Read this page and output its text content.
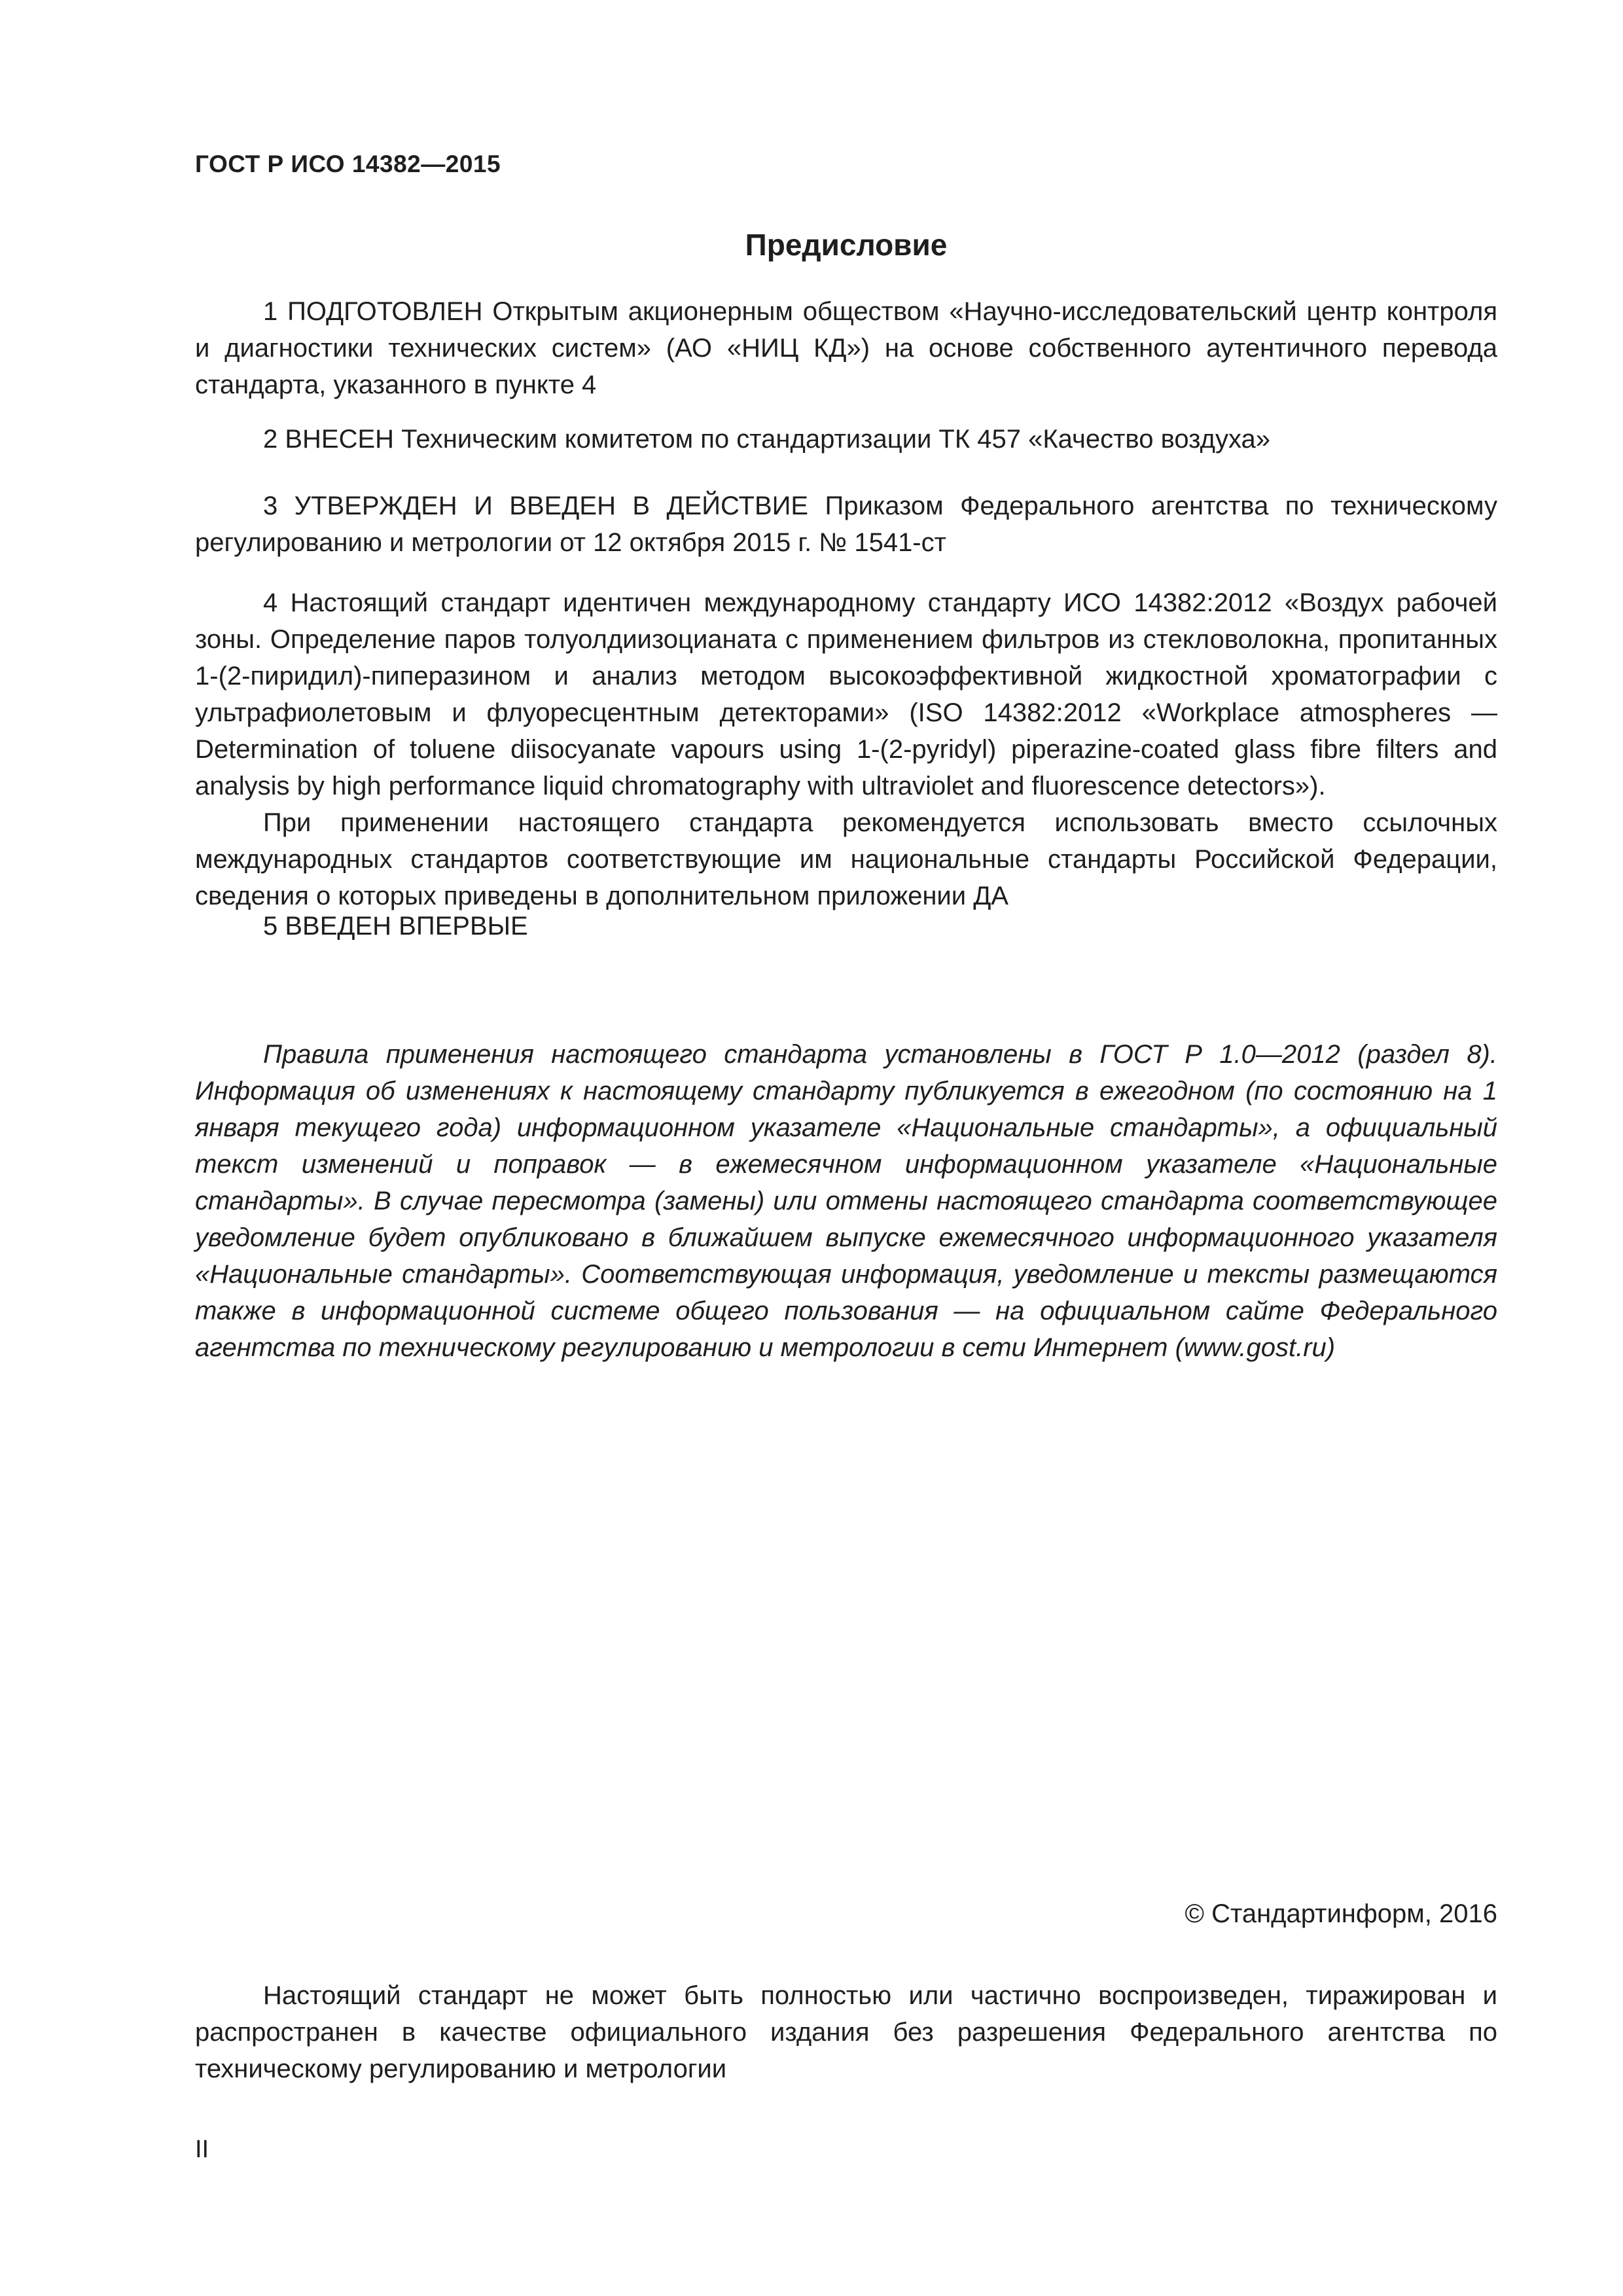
ГОСТ Р ИСО 14382—2015
Предисловие

1 ПОДГОТОВЛЕН Открытым акционерным обществом «Научно-исследовательский центр контроля и диагностики технических систем» (АО «НИЦ КД») на основе собственного аутентичного перевода стандарта, указанного в пункте 4

2 ВНЕСЕН Техническим комитетом по стандартизации ТК 457 «Качество воздуха»

3 УТВЕРЖДЕН И ВВЕДЕН В ДЕЙСТВИЕ Приказом Федерального агентства по техническому регулированию и метрологии от 12 октября 2015 г. № 1541-ст

4 Настоящий стандарт идентичен международному стандарту ИСО 14382:2012 «Воздух рабочей зоны. Определение паров толуолдиизоцианата с применением фильтров из стекловолокна, пропитанных 1-(2-пиридил)-пиперазином и анализ методом высокоэффективной жидкостной хроматографии с ультрафиолетовым и флуоресцентным детекторами» (ISO 14382:2012 «Workplace atmospheres — Determination of toluene diisocyanate vapours using 1-(2-pyridyl) piperazine-coated glass fibre filters and analysis by high performance liquid chromatography with ultraviolet and fluorescence detectors»).

При применении настоящего стандарта рекомендуется использовать вместо ссылочных международных стандартов соответствующие им национальные стандарты Российской Федерации, сведения о которых приведены в дополнительном приложении ДА

5 ВВЕДЕН ВПЕРВЫЕ

Правила применения настоящего стандарта установлены в ГОСТ Р 1.0—2012 (раздел 8). Информация об изменениях к настоящему стандарту публикуется в ежегодном (по состоянию на 1 января текущего года) информационном указателе «Национальные стандарты», а официальный текст изменений и поправок — в ежемесячном информационном указателе «Национальные стандарты». В случае пересмотра (замены) или отмены настоящего стандарта соответствующее уведомление будет опубликовано в ближайшем выпуске ежемесячного информационного указателя «Национальные стандарты». Соответствующая информация, уведомление и тексты размещаются также в информационной системе общего пользования — на официальном сайте Федерального агентства по техническому регулированию и метрологии в сети Интернет (www.gost.ru)

© Стандартинформ, 2016

Настоящий стандарт не может быть полностью или частично воспроизведен, тиражирован и распространен в качестве официального издания без разрешения Федерального агентства по техническому регулированию и метрологии

II
